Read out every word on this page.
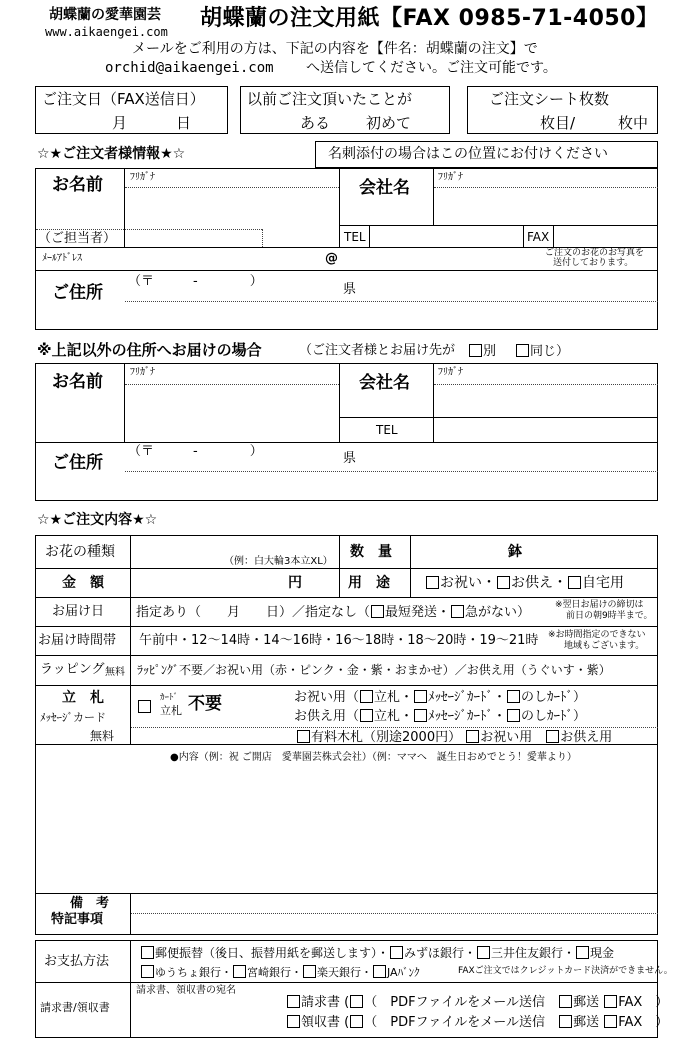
胡蝶蘭の愛華園芸
www.aikaengei.com
胡蝶蘭の注文用紙【FAX 0985-71-4050】
メールをご利用の方は、下記の内容を【件名：胡蝶蘭の注文】で
orchid@aikaengei.com へ送信してください。ご注文可能です。
ご注文日（FAX送信日）
月	日
以前ご注文頂いたことが
ある 初めて
ご注文シート枚数
枚目/	枚中
☆★ご注文者様情報★☆	名刺添付の場合はこの位置にお付けください
お名前	ﾌﾘｶﾞﾅ
会社名
ﾌﾘｶﾞﾅ
（ご担当者）	TEL	FAX
ﾒｰﾙｱﾄﾞﾚｽ	@	ご注文のお花のお写真を
送付しております。
ご住所
（〒　　　-　　　　）
県
※上記以外の住所へお届けの場合	（ご注文者様とお届け先が	別	同じ）
お名前	ﾌﾘｶﾞﾅ
会社名
ﾌﾘｶﾞﾅ
TEL
ご住所
（〒　　　-　　　　）	県
☆★ご注文内容★☆
お花の種類
（例：白大輪3本立XL）
数　量	鉢
金　額	円	用　途	お祝い・ お供え・ 自宅用
お届け日 指定あり（　　月　　日）／指定なし（ 最短発送・ 急がない）	※翌日お届けの締切は
前日の朝9時半まで。
お届け時間帯 午前中・12～14時・14～16時・16～18時・18～20時・19～21時 ※お時間指定のできない
地域もございます。
ラッピング 無料 ﾗｯﾋﾟﾝｸﾞ不要／お祝い用（赤・ピンク・金・紫・おまかせ）／お供え用（うぐいす・紫）
立　札
ﾒｯｾｰｼﾞカード
無料
ｶｰﾄﾞ
立札 不要	お祝い用（ 立札・ ﾒｯｾｰｼﾞｶｰﾄﾞ・ のしｶｰﾄﾞ）
お供え用（ 立札・ ﾒｯｾｰｼﾞｶｰﾄﾞ・ のしｶｰﾄﾞ）
有料木札（別途2000円） お祝い用　 お供え用
●内容（例：祝 ご開店　愛華園芸株式会社）（例：ママへ　誕生日おめでとう！愛華より）
備　考
特記事項
お支払方法
郵便振替（後日、振替用紙を郵送します）・ みずほ銀行・ 三井住友銀行・ 現金
ゆうちょ銀行・ 宮崎銀行・ 楽天銀行・ JAﾊﾞﾝｸ	FAXご注文ではクレジットカード決済ができません。
請求書/領収書
請求書、領収書の宛名
請求書 ( （　PDFファイルをメール送信　 郵送 FAX　）
領収書 ( （　PDFファイルをメール送信　 郵送 FAX　）
